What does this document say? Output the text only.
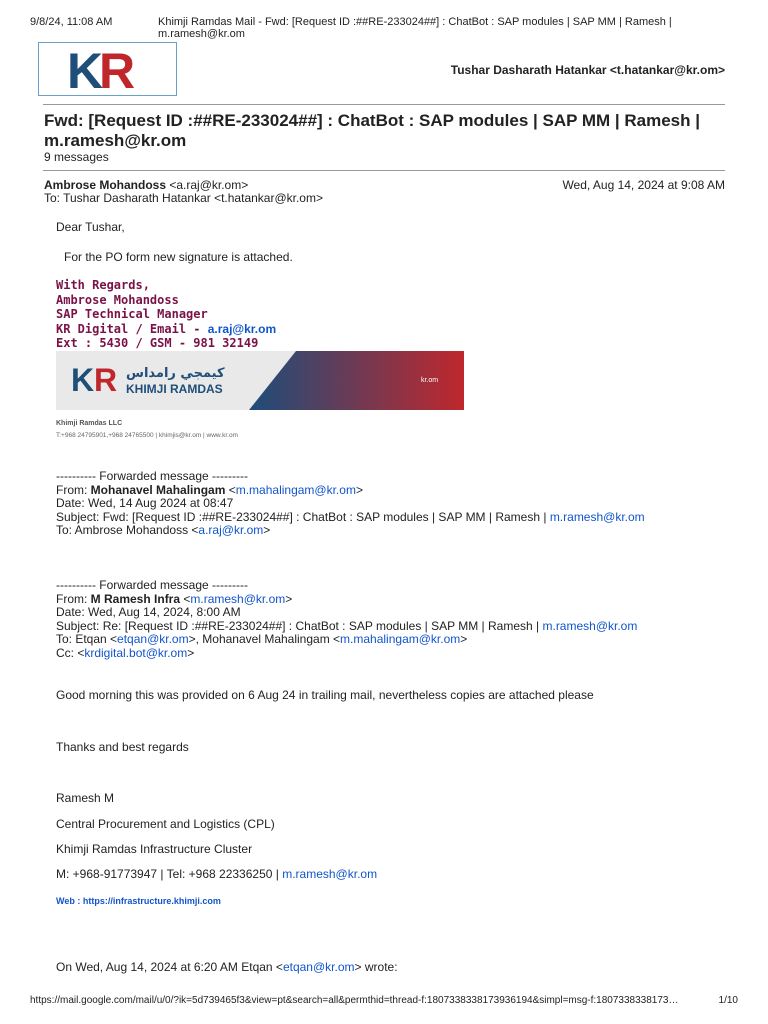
9/8/24, 11:08 AM	Khimji Ramdas Mail - Fwd: [Request ID :##RE-233024##] : ChatBot : SAP modules | SAP MM | Ramesh | m.ramesh@kr.om
K
R	Tushar Dasharath Hatankar <t.hatankar@kr.om>
Fwd: [Request ID :##RE-233024##] : ChatBot : SAP modules | SAP MM | Ramesh | m.ramesh@kr.om
9 messages
Ambrose Mohandoss <a.raj@kr.om>	Wed, Aug 14, 2024 at 9:08 AM
To: Tushar Dasharath Hatankar <t.hatankar@kr.om>
Dear Tushar,
For the PO form new signature is attached.
With Regards,
Ambrose Mohandoss
SAP Technical Manager
KR Digital / Email - a.raj@kr.om
Ext : 5430 / GSM - 981 32149
K R كيمجي رامداس
KHIMJI RAMDAS
kr.om
Khimji Ramdas LLC
T:+968 24795901,+968 24765500 | khimjis@kr.om | www.kr.om
---------- Forwarded message ---------
From: Mohanavel Mahalingam <m.mahalingam@kr.om>
Date: Wed, 14 Aug 2024 at 08:47
Subject: Fwd: [Request ID :##RE-233024##] : ChatBot : SAP modules | SAP MM | Ramesh | m.ramesh@kr.om
To: Ambrose Mohandoss <a.raj@kr.om>
---------- Forwarded message ---------
From: M Ramesh Infra <m.ramesh@kr.om>
Date: Wed, Aug 14, 2024, 8:00 AM
Subject: Re: [Request ID :##RE-233024##] : ChatBot : SAP modules | SAP MM | Ramesh | m.ramesh@kr.om
To: Etqan <etqan@kr.om>, Mohanavel Mahalingam <m.mahalingam@kr.om>
Cc: <krdigital.bot@kr.om>
Good morning this was provided on 6 Aug 24 in trailing mail, nevertheless copies are attached please
Thanks and best regards
Ramesh M
Central Procurement and Logistics (CPL)
Khimji Ramdas Infrastructure Cluster
M: +968-91773947 | Tel: +968 22336250 | m.ramesh@kr.om
Web : https://infrastructure.khimji.com
On Wed, Aug 14, 2024 at 6:20 AM Etqan <etqan@kr.om> wrote:
https://mail.google.com/mail/u/0/?ik=5d739465f3&view=pt&search=all&permthid=thread-f:1807338338173936194&simpl=msg-f:1807338338173…	1/10
